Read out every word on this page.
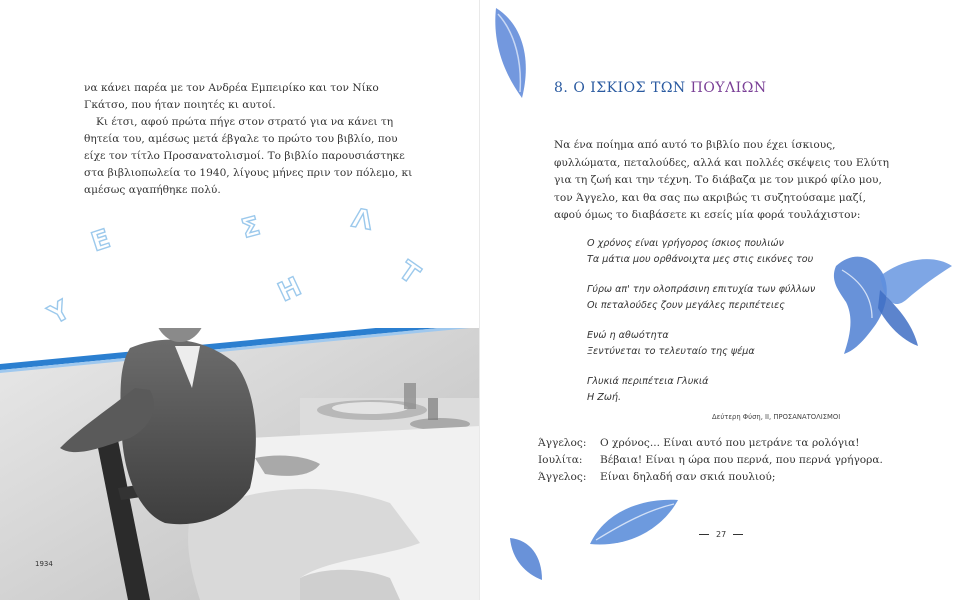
να κάνει παρέα με τον Ανδρέα Εμπειρίκο και τον Νίκο Γκάτσο, που ήταν ποιητές κι αυτοί.

Κι έτσι, αφού πρώτα πήγε στον στρατό για να κάνει τη θητεία του, αμέσως μετά έβγαλε το πρώτο του βιβλίο, που είχε τον τίτλο Προσανατολισμοί. Το βιβλίο παρουσιάστηκε στα βιβλιοπωλεία το 1940, λίγους μήνες πριν τον πόλεμο, κι αμέσως αγαπήθηκε πολύ.

Ε
Λ
Υ
Τ
Η
Σ
1934
8. Ο ΙΣΚΙΟΣ ΤΩΝ ΠΟΥΛΙΩΝ

Να ένα ποίημα από αυτό το βιβλίο που έχει ίσκιους, φυλλώματα, πεταλούδες, αλλά και πολλές σκέψεις του Ελύτη για τη ζωή και την τέχνη. Το διάβαζα με τον μικρό φίλο μου, τον Άγγελο, και θα σας πω ακριβώς τι συζητούσαμε μαζί, αφού όμως το διαβάσετε κι εσείς μία φορά τουλάχιστον:

Ο χρόνος είναι γρήγορος ίσκιος πουλιών
Τα μάτια μου ορθάνοιχτα μες στις εικόνες του
Γύρω απ' την ολοπράσινη επιτυχία των φύλλων
Οι πεταλούδες ζουν μεγάλες περιπέτειες
Ενώ η αθωότητα
Ξεντύνεται το τελευταίο της ψέμα
Γλυκιά περιπέτεια Γλυκιά
Η Ζωή.
Δεύτερη Φύση, II, ΠΡΟΣΑΝΑΤΟΛΙΣΜΟΙ
Άγγελος:	Ο χρόνος... Είναι αυτό που μετράνε τα ρολόγια!
Ιουλίτα:	Βέβαια! Είναι η ώρα που περνά, που περνά γρήγορα.
Άγγελος:	Είναι δηλαδή σαν σκιά πουλιού;
27
